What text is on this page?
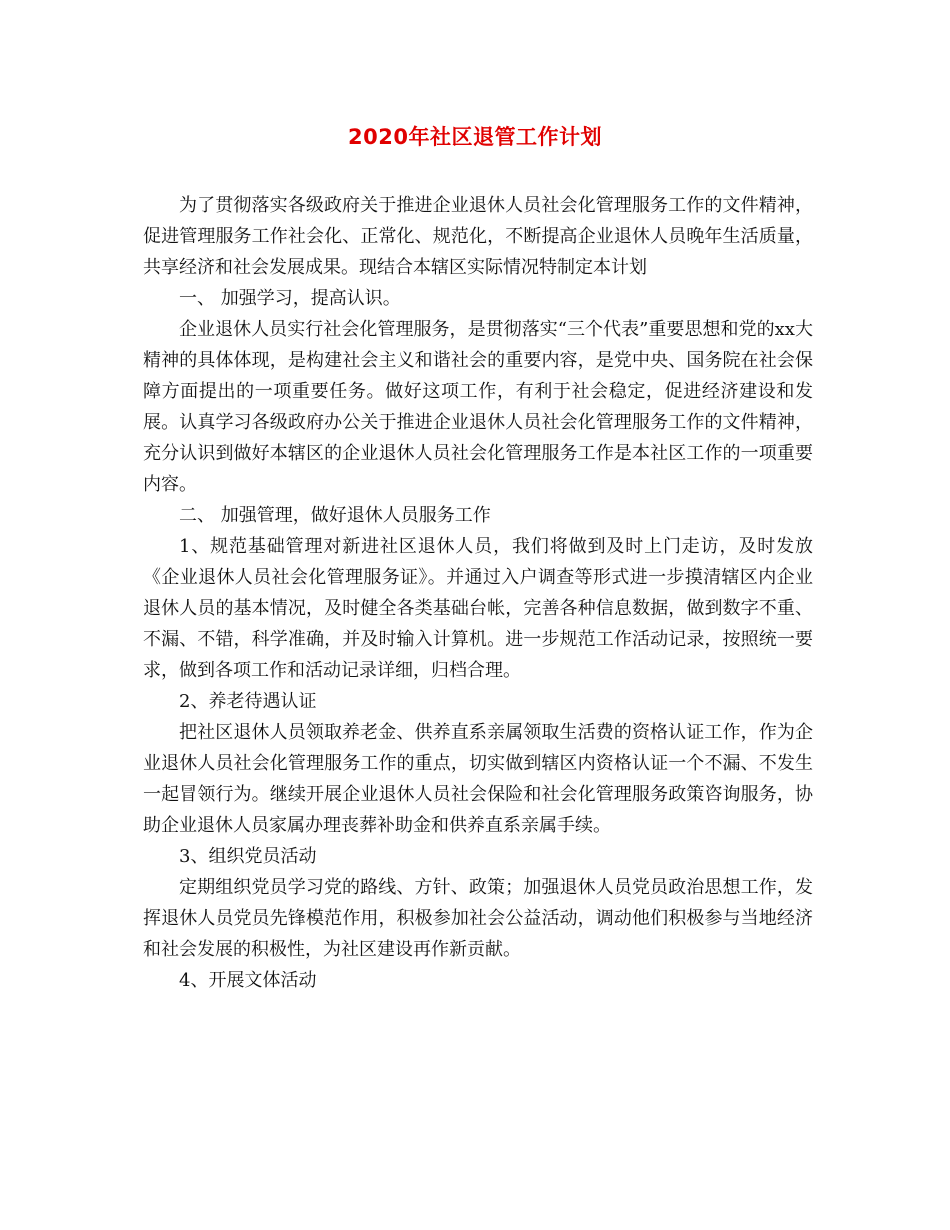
2020年社区退管工作计划

为了贯彻落实各级政府关于推进企业退休人员社会化管理服务工作的文件精神，促进管理服务工作社会化、正常化、规范化，不断提高企业退休人员晚年生活质量，共享经济和社会发展成果。现结合本辖区实际情况特制定本计划

一、 加强学习，提高认识。

企业退休人员实行社会化管理服务，是贯彻落实“三个代表”重要思想和党的xx大精神的具体体现，是构建社会主义和谐社会的重要内容，是党中央、国务院在社会保障方面提出的一项重要任务。做好这项工作，有利于社会稳定，促进经济建设和发展。认真学习各级政府办公关于推进企业退休人员社会化管理服务工作的文件精神，充分认识到做好本辖区的企业退休人员社会化管理服务工作是本社区工作的一项重要内容。

二、 加强管理，做好退休人员服务工作

1、规范基础管理对新进社区退休人员，我们将做到及时上门走访，及时发放《企业退休人员社会化管理服务证》。并通过入户调查等形式进一步摸清辖区内企业退休人员的基本情况，及时健全各类基础台帐，完善各种信息数据，做到数字不重、不漏、不错，科学准确，并及时输入计算机。进一步规范工作活动记录，按照统一要求，做到各项工作和活动记录详细，归档合理。

2、养老待遇认证

把社区退休人员领取养老金、供养直系亲属领取生活费的资格认证工作，作为企业退休人员社会化管理服务工作的重点，切实做到辖区内资格认证一个不漏、不发生一起冒领行为。继续开展企业退休人员社会保险和社会化管理服务政策咨询服务，协助企业退休人员家属办理丧葬补助金和供养直系亲属手续。

3、组织党员活动

定期组织党员学习党的路线、方针、政策；加强退休人员党员政治思想工作，发挥退休人员党员先锋模范作用，积极参加社会公益活动，调动他们积极参与当地经济和社会发展的积极性，为社区建设再作新贡献。

4、开展文体活动
